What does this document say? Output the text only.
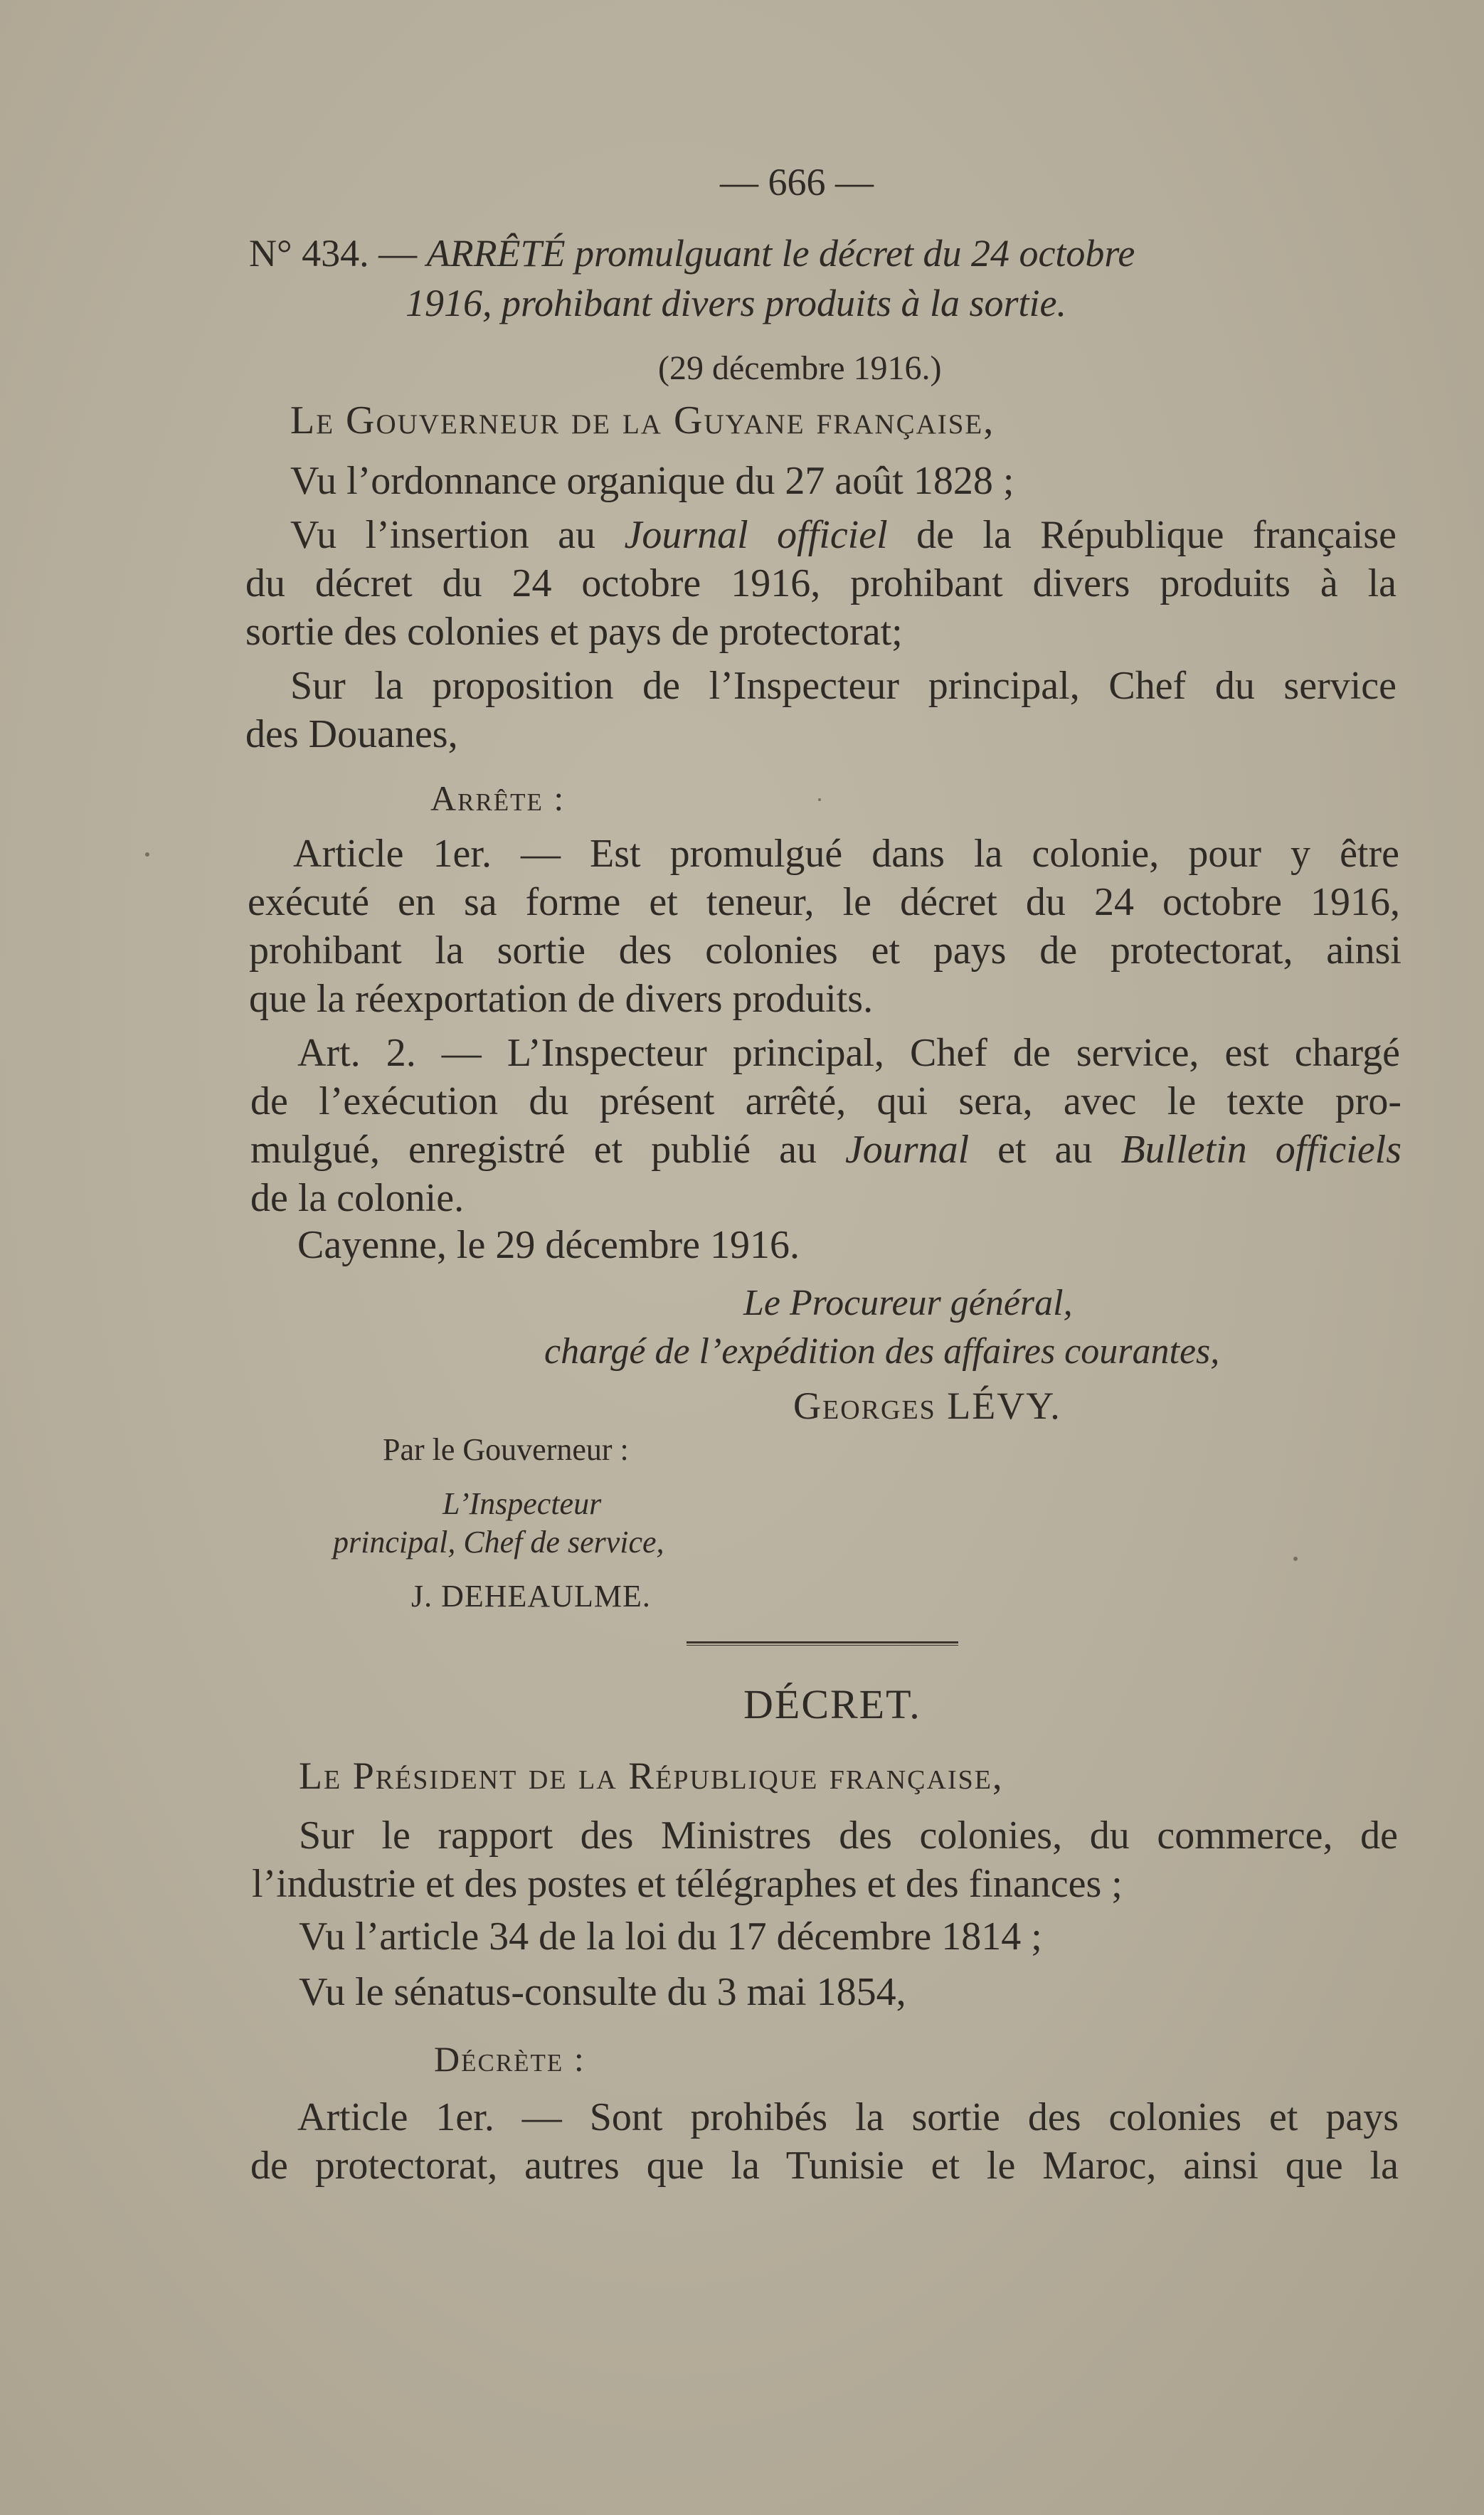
— 666 —

N° 434. — ARRÊTÉ promulguant le décret du 24 octobre

1916, prohibant divers produits à la sortie.

(29 décembre 1916.)

Le Gouverneur de la Guyane française,

Vu l’ordonnance organique du 27 août 1828 ;

Vu l’insertion au Journal officiel de la République française

du décret du 24 octobre 1916, prohibant divers produits à la

sortie des colonies et pays de protectorat;

Sur la proposition de l’Inspecteur principal, Chef du service

des Douanes,

Arrête :

Article 1er. — Est promulgué dans la colonie, pour y être

exécuté en sa forme et teneur, le décret du 24 octobre 1916,

prohibant la sortie des colonies et pays de protectorat, ainsi

que la réexportation de divers produits.

Art. 2. — L’Inspecteur principal, Chef de service, est chargé

de l’exécution du présent arrêté, qui sera, avec le texte pro-

mulgué, enregistré et publié au Journal et au Bulletin officiels

de la colonie.

Cayenne, le 29 décembre 1916.

Le Procureur général,

chargé de l’expédition des affaires courantes,

Georges LÉVY.

Par le Gouverneur :

L’Inspecteur

principal, Chef de service,

J. DEHEAULME.

DÉCRET.

Le Président de la République française,

Sur le rapport des Ministres des colonies, du commerce, de

l’industrie et des postes et télégraphes et des finances ;

Vu l’article 34 de la loi du 17 décembre 1814 ;

Vu le sénatus-consulte du 3 mai 1854,

Décrète :

Article 1er. — Sont prohibés la sortie des colonies et pays

de protectorat, autres que la Tunisie et le Maroc, ainsi que la
